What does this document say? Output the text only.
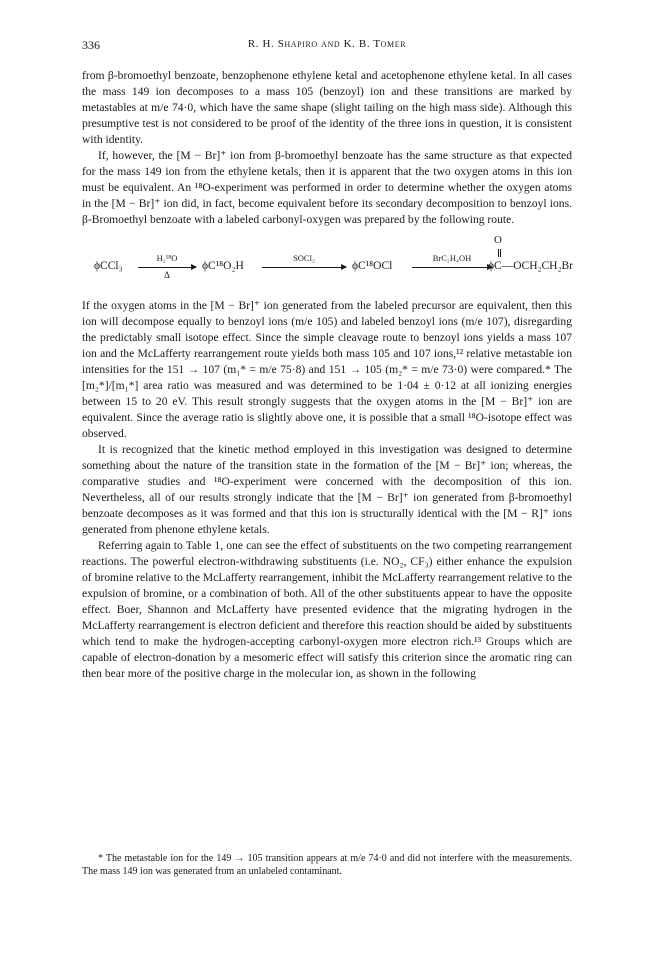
336	R. H. Shapiro and K. B. Tomer

from β-bromoethyl benzoate, benzophenone ethylene ketal and acetophenone ethylene ketal. In all cases the mass 149 ion decomposes to a mass 105 (benzoyl) ion and these transitions are marked by metastables at m/e 74·0, which have the same shape (slight tailing on the high mass side). Although this presumptive test is not considered to be proof of the identity of the three ions in question, it is consistent with identity.

If, however, the [M − Br]⁺ ion from β-bromoethyl benzoate has the same structure as that expected for the mass 149 ion from the ethylene ketals, then it is apparent that the two oxygen atoms in this ion must be equivalent. An ¹⁸O-experiment was performed in order to determine whether the oxygen atoms in the [M − Br]⁺ ion did, in fact, become equivalent before its secondary decomposition to benzoyl ions. β-Bromoethyl benzoate with a labeled carbonyl-oxygen was prepared by the following route.

O
ϕCCl₃
H₂¹⁸O
Δ
ϕC¹⁸O₂H
SOCl₂
ϕC¹⁸OCl
BrC₂H₄OH
ϕC—OCH₂CH₂Br

If the oxygen atoms in the [M − Br]⁺ ion generated from the labeled precursor are equivalent, then this ion will decompose equally to benzoyl ions (m/e 105) and labeled benzoyl ions (m/e 107), disregarding the predictably small isotope effect. Since the simple cleavage route to benzoyl ions yields a mass 107 ion and the McLafferty rearrangement route yields both mass 105 and 107 ions,¹² relative metastable ion intensities for the 151 → 107 (m₁* = m/e 75·8) and 151 → 105 (m₂* = m/e 73·0) were compared.* The [m₂*]/[m₁*] area ratio was measured and was determined to be 1·04 ± 0·12 at all ionizing energies between 15 to 20 eV. This result strongly suggests that the oxygen atoms in the [M − Br]⁺ ion are equivalent. Since the average ratio is slightly above one, it is possible that a small ¹⁸O-isotope effect was observed.

It is recognized that the kinetic method employed in this investigation was designed to determine something about the nature of the transition state in the formation of the [M − Br]⁺ ion; whereas, the comparative studies and ¹⁸O-experiment were concerned with the decomposition of this ion. Nevertheless, all of our results strongly indicate that the [M − Br]⁺ ion generated from β-bromoethyl benzoate decomposes as it was formed and that this ion is structurally identical with the [M − R]⁺ ions generated from phenone ethylene ketals.

Referring again to Table 1, one can see the effect of substituents on the two competing rearrangement reactions. The powerful electron-withdrawing substituents (i.e. NO₂, CF₃) either enhance the expulsion of bromine relative to the McLafferty rearrangement, inhibit the McLafferty rearrangement relative to the expulsion of bromine, or a combination of both. All of the other substituents appear to have the opposite effect. Boer, Shannon and McLafferty have presented evidence that the migrating hydrogen in the McLafferty rearrangement is electron deficient and therefore this reaction should be aided by substituents which tend to make the hydrogen-accepting carbonyl-oxygen more electron rich.¹³ Groups which are capable of electron-donation by a mesomeric effect will satisfy this criterion since the aromatic ring can then bear more of the positive charge in the molecular ion, as shown in the following

* The metastable ion for the 149 → 105 transition appears at m/e 74·0 and did not interfere with the measurements. The mass 149 ion was generated from an unlabeled contaminant.
